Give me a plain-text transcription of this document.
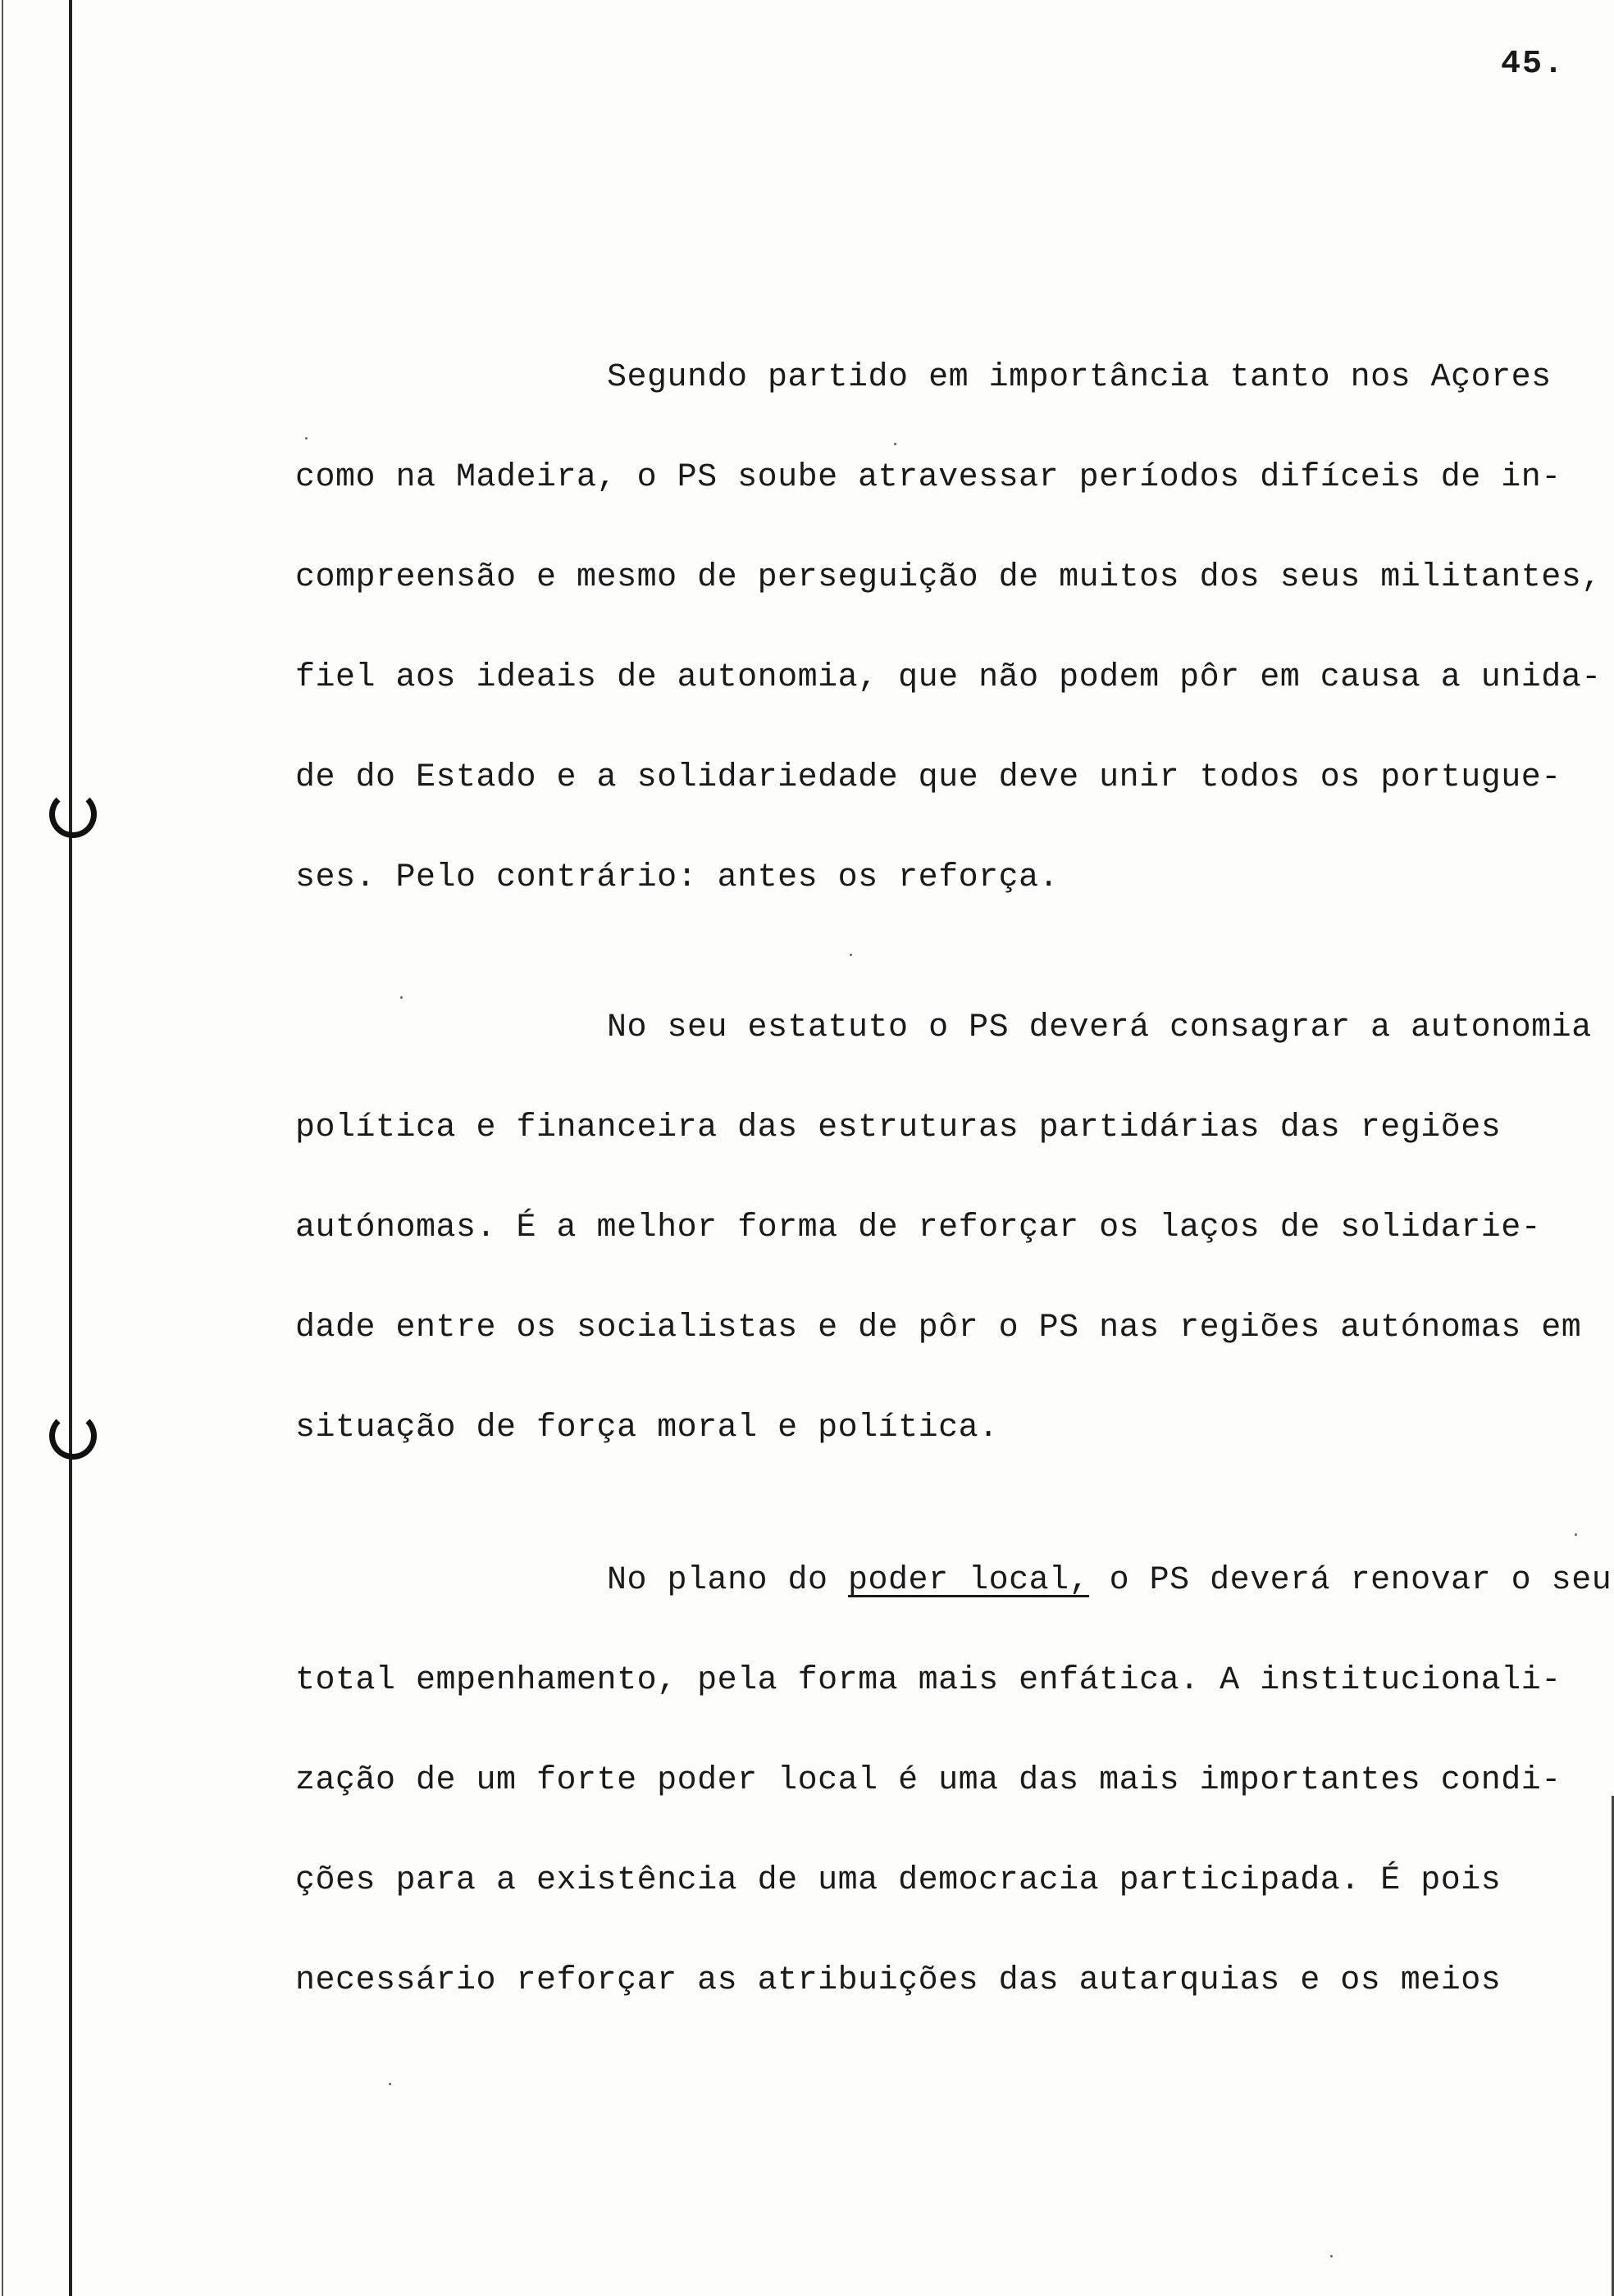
45.
Segundo partido em importância tanto nos Açores
como na Madeira, o PS soube atravessar períodos difíceis de in-
compreensão e mesmo de perseguição de muitos dos seus militantes,
fiel aos ideais de autonomia, que não podem pôr em causa a unida-
de do Estado e a solidariedade que deve unir todos os portugue-
ses. Pelo contrário: antes os reforça.
No seu estatuto o PS deverá consagrar a autonomia
política e financeira das estruturas partidárias das regiões
autónomas. É a melhor forma de reforçar os laços de solidarie-
dade entre os socialistas e de pôr o PS nas regiões autónomas em
situação de força moral e política.
No plano do poder local, o PS deverá renovar o seu
total empenhamento, pela forma mais enfática. A institucionali-
zação de um forte poder local é uma das mais importantes condi-
ções para a existência de uma democracia participada. É pois
necessário reforçar as atribuições das autarquias e os meios
